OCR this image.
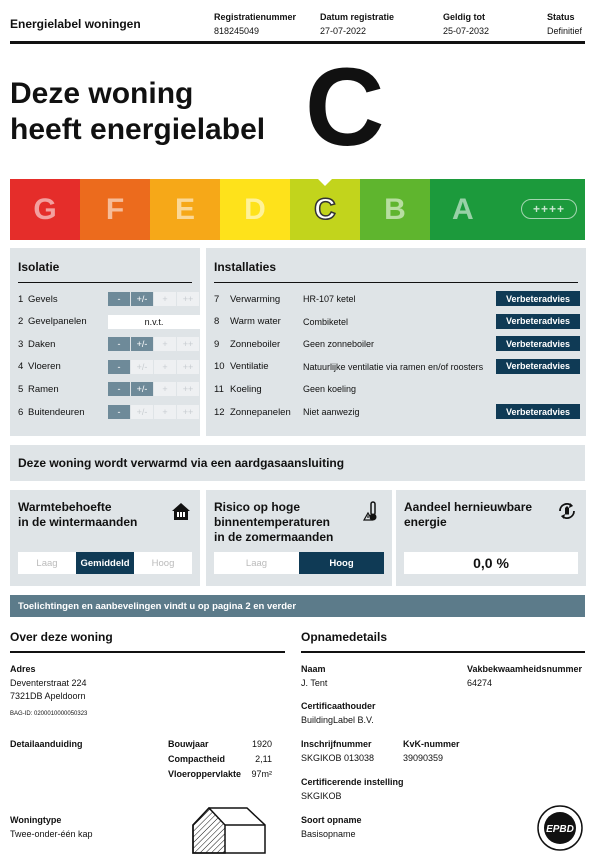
Energielabel woningen	Registratienummer
818245049
Datum registratie
27-07-2022
Geldig tot
25-07-2032
Status
Definitief
Deze woning
heeft energielabel C
G F E D C B A	++++
Isolatie
1 Gevels	-	+/-	+	++
2 Gevelpanelen	n.v.t.
3 Daken	-	+/-	+	++
4 Vloeren	-	+/-	+	++
5 Ramen	-	+/-	+	++
6 Buitendeuren	-	+/-	+	++
Installaties
7	Verwarming	HR-107 ketel	Verbeteradvies
8	Warm water	Combiketel	Verbeteradvies
9	Zonneboiler	Geen zonneboiler	Verbeteradvies
10 Ventilatie	Natuurlijke ventilatie via ramen en/of roosters	Verbeteradvies
11 Koeling	Geen koeling
12 Zonnepanelen	Niet aanwezig	Verbeteradvies
Deze woning wordt verwarmd via een aardgasaansluiting
Warmtebehoefte
in de wintermaanden
Laag	Gemiddeld	Hoog
Risico op hoge
binnentemperaturen
in de zomermaanden
Laag	Hoog
Aandeel hernieuwbare
energie
0,0 %
Toelichtingen en aanbevelingen vindt u op pagina 2 en verder
Over deze woning
Adres
Deventerstraat 224
7321DB Apeldoorn
BAG-ID: 0200010000050323
Detailaanduiding	Bouwjaar	1920
Compactheid	2,11
Vloeroppervlakte	97m²
Woningtype
Twee-onder-één kap
Opnamedetails
Naam
J. Tent
Vakbekwaamheidsnummer
64274
Certificaathouder
BuildingLabel B.V.
Inschrijfnummer
SKGIKOB 013038
KvK-nummer
39090359
Certificerende instelling
SKGIKOB
Soort opname
Basisopname	EPBD
